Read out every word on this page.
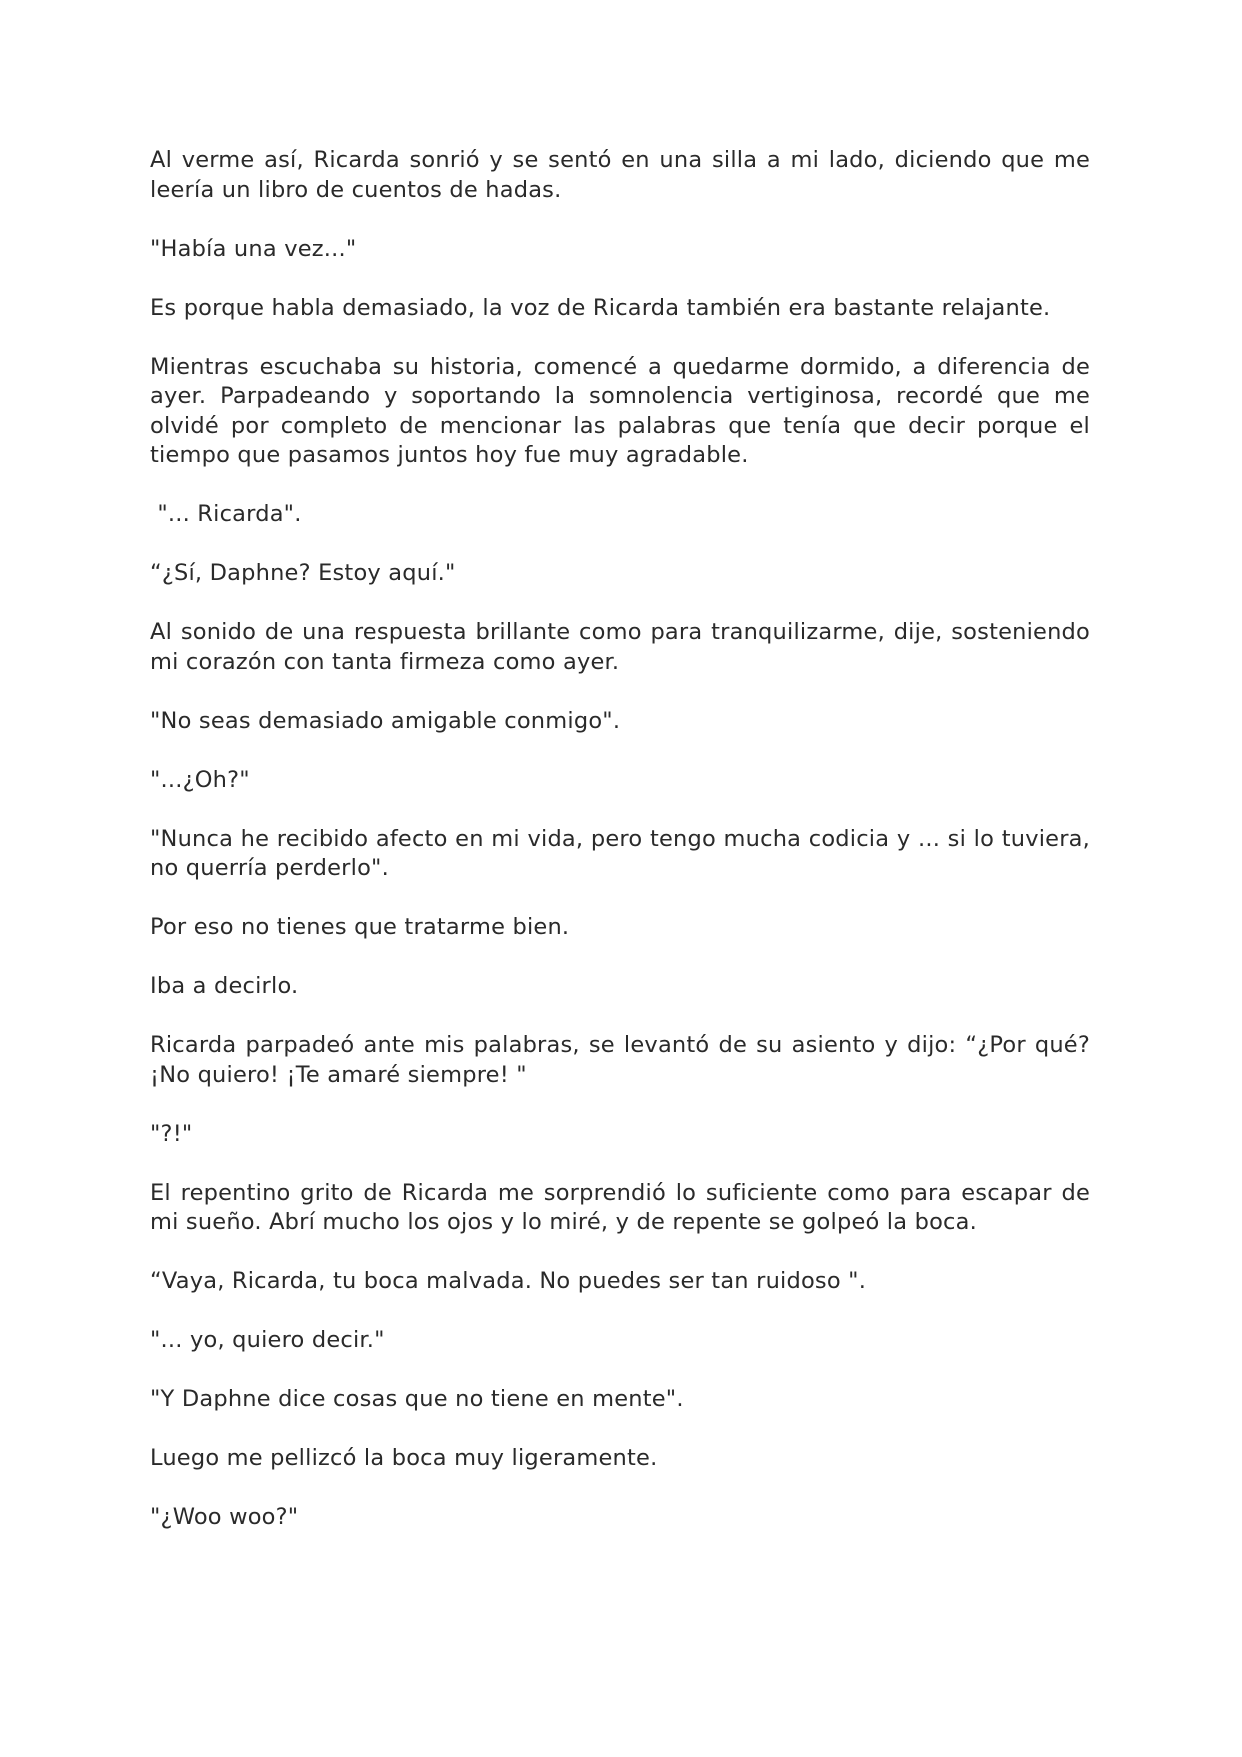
Al verme así, Ricarda sonrió y se sentó en una silla a mi lado, diciendo que me leería un libro de cuentos de hadas.

"Había una vez..."

Es porque habla demasiado, la voz de Ricarda también era bastante relajante.

Mientras escuchaba su historia, comencé a quedarme dormido, a diferencia de ayer. Parpadeando y soportando la somnolencia vertiginosa, recordé que me olvidé por completo de mencionar las palabras que tenía que decir porque el tiempo que pasamos juntos hoy fue muy agradable.

"... Ricarda".

“¿Sí, Daphne? Estoy aquí."

Al sonido de una respuesta brillante como para tranquilizarme, dije, sosteniendo mi corazón con tanta firmeza como ayer.

"No seas demasiado amigable conmigo".

"...¿Oh?"

"Nunca he recibido afecto en mi vida, pero tengo mucha codicia y ... si lo tuviera, no querría perderlo".

Por eso no tienes que tratarme bien.

Iba a decirlo.

Ricarda parpadeó ante mis palabras, se levantó de su asiento y dijo: “¿Por qué? ¡No quiero! ¡Te amaré siempre! "

"?!"

El repentino grito de Ricarda me sorprendió lo suficiente como para escapar de mi sueño. Abrí mucho los ojos y lo miré, y de repente se golpeó la boca.

“Vaya, Ricarda, tu boca malvada. No puedes ser tan ruidoso ".

"... yo, quiero decir."

"Y Daphne dice cosas que no tiene en mente".

Luego me pellizcó la boca muy ligeramente.

"¿Woo woo?"
